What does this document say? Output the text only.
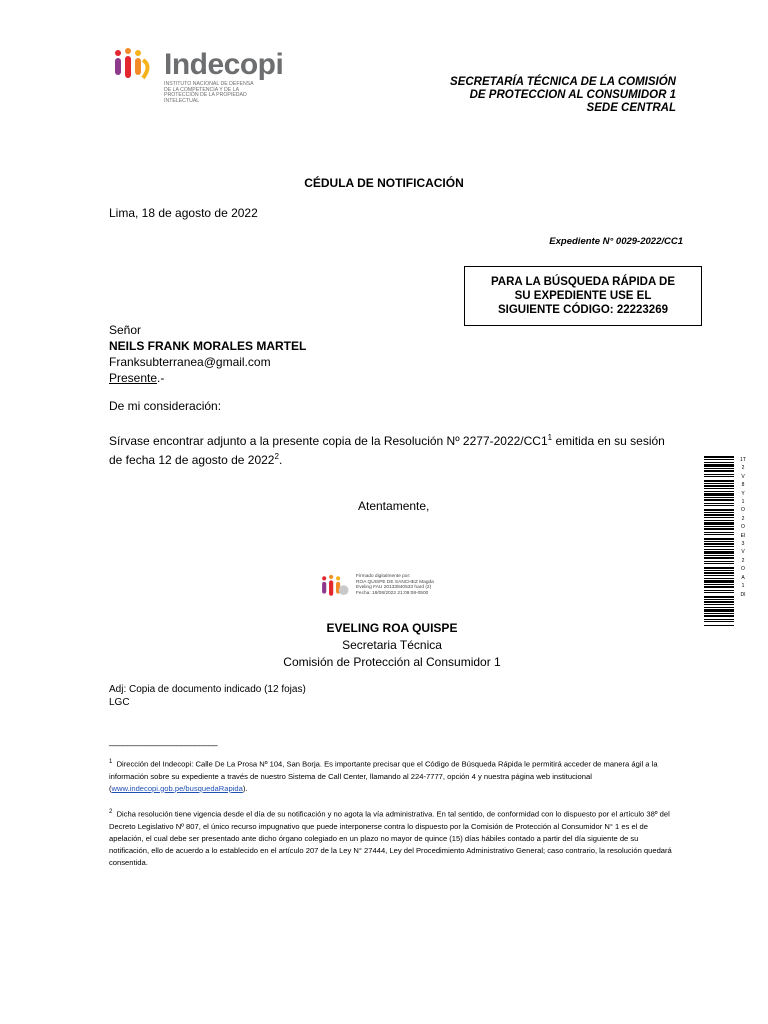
Indecopi
INSTITUTO NACIONAL DE DEFENSA DE LA COMPETENCIA Y DE LA PROTECCIÓN DE LA PROPIEDAD INTELECTUAL
SECRETARÍA TÉCNICA DE LA COMISIÓN
DE PROTECCION AL CONSUMIDOR 1
SEDE CENTRAL
CÉDULA DE NOTIFICACIÓN
Lima, 18 de agosto de 2022
Expediente N° 0029-2022/CC1
PARA LA BÚSQUEDA RÁPIDA DE
SU EXPEDIENTE USE EL
SIGUIENTE CÓDIGO: 22223269
Señor
NEILS FRANK MORALES MARTEL
Franksubterranea@gmail.com
Presente.-
De mi consideración:
Sírvase encontrar adjunto a la presente copia de la Resolución Nº $2277-2022/CC1^1$ emitida en su sesión de fecha 12 de agosto de 2022$^2$.
Atentamente,
Firmado digitalmente por:
ROA QUISPE DE SANCHEZ Magda
Eveling FAU 20133840533 hard (2)
Fecha: 18/08/2022 21:09:08-0500
EVELING ROA QUISPE
Secretaria Técnica
Comisión de Protección al Consumidor 1
Adj: Copia de documento indicado (12 fojas)
LGC
________________________
$^1$ Dirección del Indecopi: Calle De La Prosa Nº 104, San Borja. Es importante precisar que el Código de Búsqueda Rápida le permitirá acceder de manera ágil a la información sobre su expediente a través de nuestro Sistema de Call Center, llamando al 224-7777, opción 4 y nuestra página web institucional (www.indecopi.gob.pe/busquedaRapida).
$^2$ Dicha resolución tiene vigencia desde el día de su notificación y no agota la vía administrativa. En tal sentido, de conformidad con lo dispuesto por el artículo 38º del Decreto Legislativo Nº 807, el único recurso impugnativo que puede interponerse contra lo dispuesto por la Comisión de Protección al Consumidor N° 1 es el de apelación, el cual debe ser presentado ante dicho órgano colegiado en un plazo no mayor de quince (15) días hábiles contado a partir del día siguiente de su notificación, ello de acuerdo a lo establecido en el artículo 207 de la Ley N° 27444, Ley del Procedimiento Administrativo General; caso contrario, la resolución quedará consentida.
1T2V8Y1O2OEI3V2OA1DI
